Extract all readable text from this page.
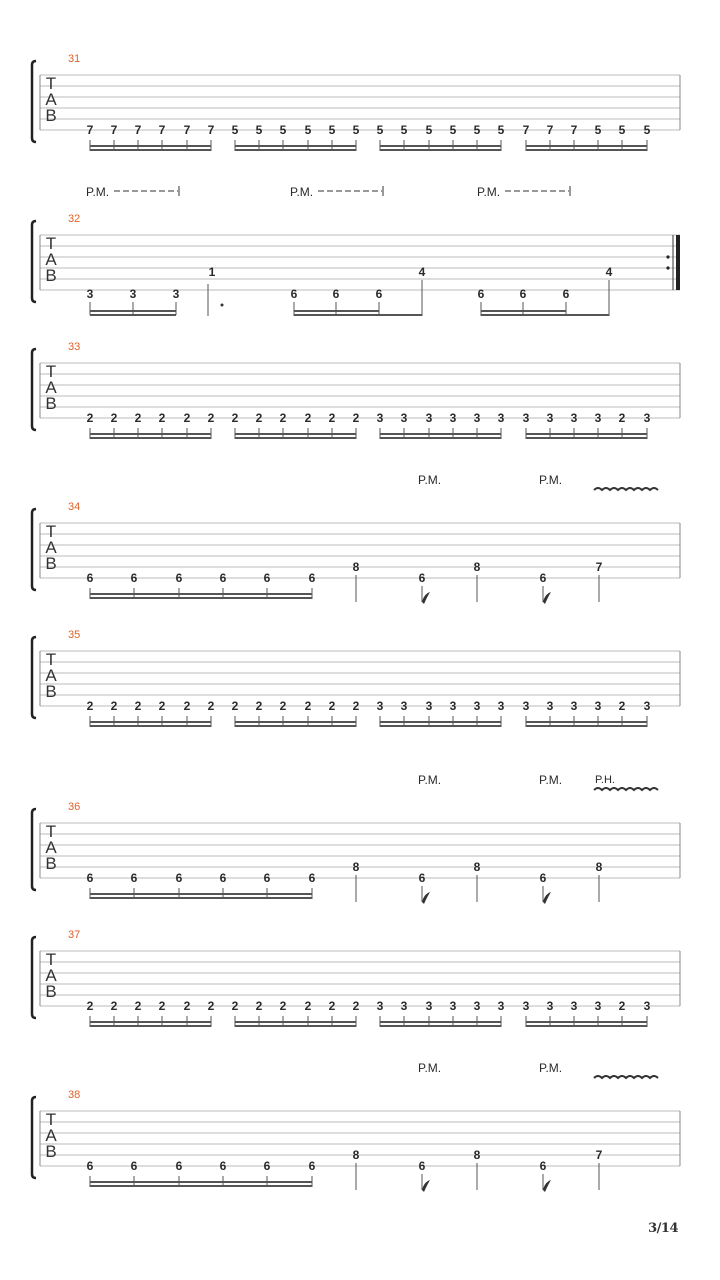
31
T
A
B
7 7 7 7 7 7 5 5 5 5 5 5 5 5 5 5 5 5 7 7 7 5 5 5
32
T
A
B
3	3	3
1
6	6	6
4
6	6	6
4
P.M.	P.M.	P.M.
33
T
A
B
2 2 2 2 2 2 2 2 2 2 2 2 3 3 3 3 3 3 3 3 3 3 2 3
34
T
A
B
6	6	6	6	6	6
8
6
8
6
7
P.M.	P.M.
35
T
A
B
2 2 2 2 2 2 2 2 2 2 2 2 3 3 3 3 3 3 3 3 3 3 2 3
36
T
A
B
6	6	6	6	6	6
8
6
8
6
8
P.M.	P.M.	P.H.
37
T
A
B
2 2 2 2 2 2 2 2 2 2 2 2 3 3 3 3 3 3 3 3 3 3 2 3
38
T
A
B
6	6	6	6	6	6
8
6
8
6
7
P.M.	P.M.
3/14
